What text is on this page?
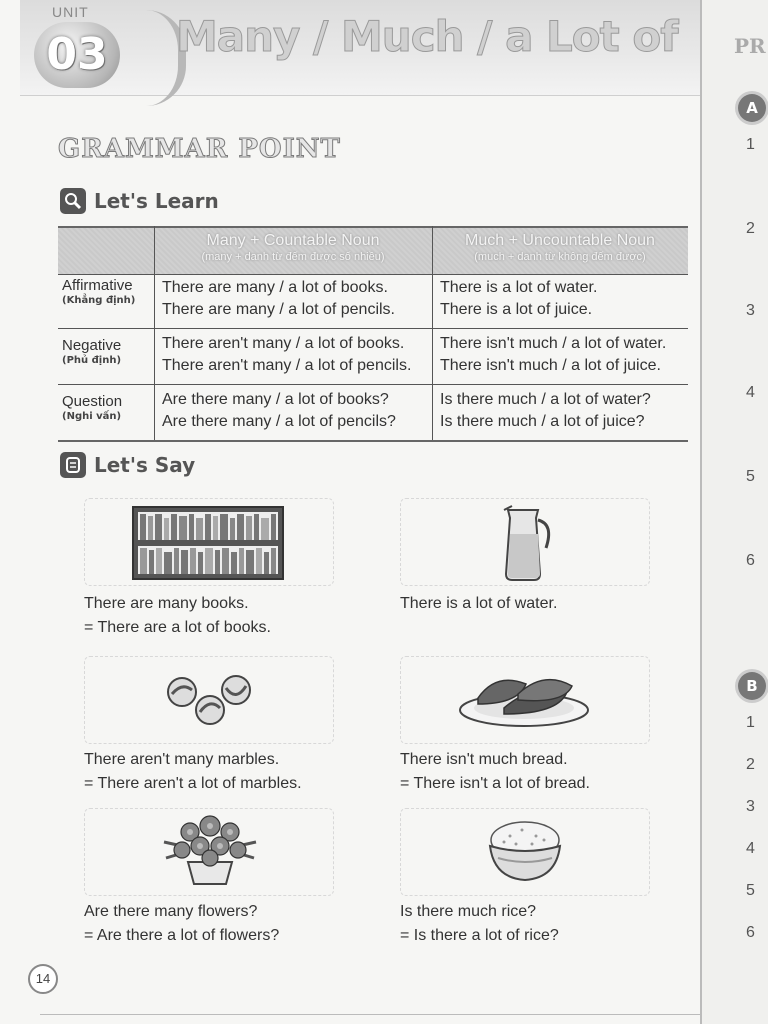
UNIT
03 Many / Much / a Lot of
GRAMMAR POINT
Let's Learn
Many + Countable Noun
(many + danh từ đếm được số nhiều)
Much + Uncountable Noun
(much + danh từ không đếm được)
Affirmative
(Khẳng định)
There are many / a lot of books.
There are many / a lot of pencils.
There is a lot of water.
There is a lot of juice.
Negative
(Phủ định)
There aren't many / a lot of books.
There aren't many / a lot of pencils.
There isn't much / a lot of water.
There isn't much / a lot of juice.
Question
(Nghi vấn)
Are there many / a lot of books?
Are there many / a lot of pencils?
Is there much / a lot of water?
Is there much / a lot of juice?
Let's Say
There are many books.
= There are a lot of books.
There is a lot of water.
There aren't many marbles.
= There aren't a lot of marbles.
There isn't much bread.
= There isn't a lot of bread.
Are there many flowers?
= Are there a lot of flowers?
Is there much rice?
= Is there a lot of rice?
PR
A
1
2
3
4
5
6
B
1
2
3
4
5
6
14
